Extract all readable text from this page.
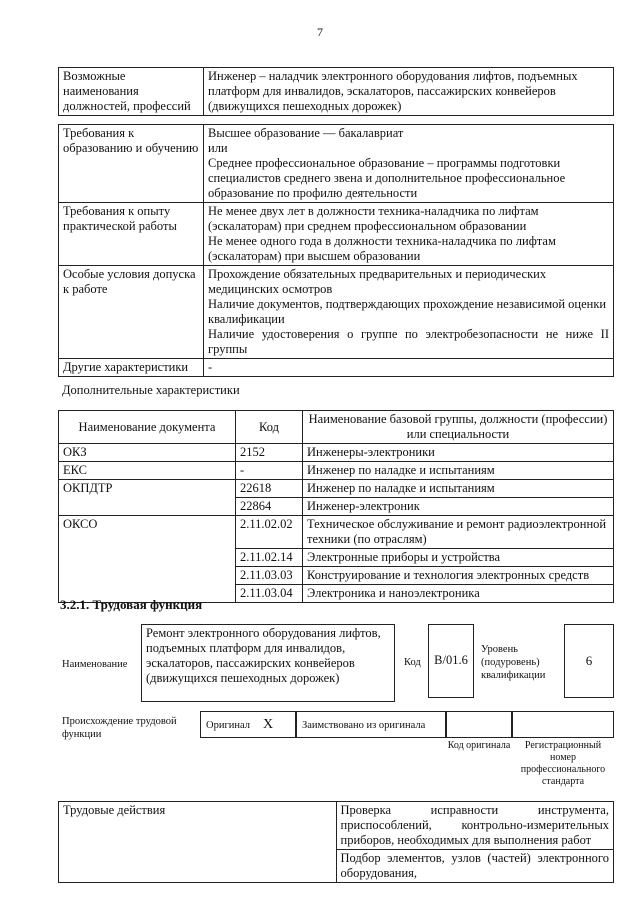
7
Возможные наименования должностей, профессий	Инженер – наладчик электронного оборудования лифтов, подъемных платформ для инвалидов, эскалаторов, пассажирских конвейеров (движущихся пешеходных дорожек)
Требования к образованию и обучению	Высшее образование — бакалавриат
или
Среднее профессиональное образование – программы подготовки специалистов среднего звена и дополнительное профессиональное образование по профилю деятельности

Требования к опыту практической работы	Не менее двух лет в должности техника-наладчика по лифтам (эскалаторам) при среднем профессиональном образовании
Не менее одного года в должности техника-наладчика по лифтам (эскалаторам) при высшем образовании

Особые условия допуска к работе	Прохождение обязательных предварительных и периодических медицинских осмотров
Наличие документов, подтверждающих прохождение независимой оценки квалификации
Наличие удостоверения о группе по электробезопасности не ниже II группы

Другие характеристики	-
Дополнительные характеристики
Наименование документа	Код	Наименование базовой группы, должности (профессии) или специальности
ОКЗ	2152	Инженеры-электроники
ЕКС	-	Инженер по наладке и испытаниям
ОКПДТР	22618	Инженер по наладке и испытаниям
	22864	Инженер-электроник
ОКСО	2.11.02.02	Техническое обслуживание и ремонт радиоэлектронной техники (по отраслям)
	2.11.02.14	Электронные приборы и устройства
	2.11.03.03	Конструирование и технология электронных средств
	2.11.03.04	Электроника и наноэлектроника
3.2.1. Трудовая функция
Наименование
Ремонт электронного оборудования лифтов, подъемных платформ для инвалидов, эскалаторов, пассажирских конвейеров (движущихся пешеходных дорожек)
Код	B/01.6
Уровень (подуровень) квалификации
6
Происхождение трудовой функции
Оригинал X	Заимствовано из оригинала
Код оригинала	Регистрационный номер профессионального стандарта
Трудовые действия	Проверка исправности инструмента, приспособлений, контрольно-измерительных приборов, необходимых для выполнения работ
Подбор элементов, узлов (частей) электронного оборудования,
